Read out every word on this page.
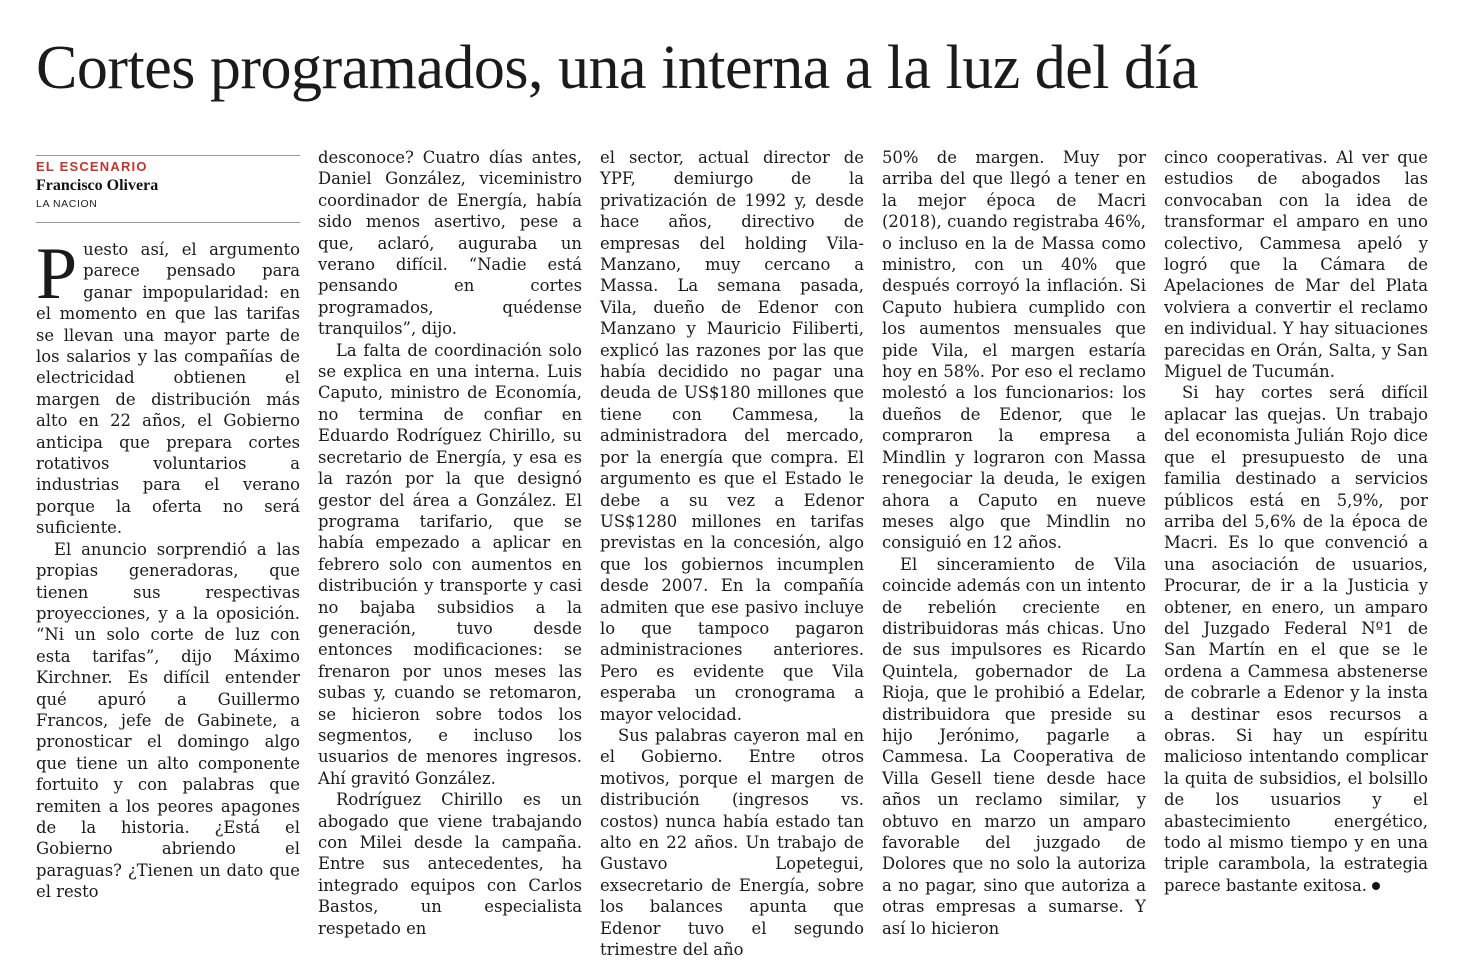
Cortes programados, una interna a la luz del día
EL ESCENARIO
Francisco Olivera
LA NACION

Puesto así, el argumento parece pensado para ganar impopularidad: en el momento en que las tarifas se llevan una mayor parte de los salarios y las compañías de electricidad obtienen el margen de distribución más alto en 22 años, el Gobierno anticipa que prepara cortes rotativos voluntarios a industrias para el verano porque la oferta no será suficiente.

El anuncio sorprendió a las propias generadoras, que tienen sus respectivas proyecciones, y a la oposición. “Ni un solo corte de luz con esta tarifas”, dijo Máximo Kirchner. Es difícil entender qué apuró a Guillermo Francos, jefe de Gabinete, a pronosticar el domingo algo que tiene un alto componente fortuito y con palabras que remiten a los peores apagones de la historia. ¿Está el Gobierno abriendo el paraguas? ¿Tienen un dato que el resto

desconoce? Cuatro días antes, Daniel González, viceministro coordinador de Energía, había sido menos asertivo, pese a que, aclaró, auguraba un verano difícil. “Nadie está pensando en cortes programados, quédense tranquilos”, dijo.

La falta de coordinación solo se explica en una interna. Luis Caputo, ministro de Economía, no termina de confiar en Eduardo Rodríguez Chirillo, su secretario de Energía, y esa es la razón por la que designó gestor del área a González. El programa tarifario, que se había empezado a aplicar en febrero solo con aumentos en distribución y transporte y casi no bajaba subsidios a la generación, tuvo desde entonces modificaciones: se frenaron por unos meses las subas y, cuando se retomaron, se hicieron sobre todos los segmentos, e incluso los usuarios de menores ingresos. Ahí gravitó González.

Rodríguez Chirillo es un abogado que viene trabajando con Milei desde la campaña. Entre sus antecedentes, ha integrado equipos con Carlos Bastos, un especialista respetado en

el sector, actual director de YPF, demiurgo de la privatización de 1992 y, desde hace años, directivo de empresas del holding Vila-Manzano, muy cercano a Massa. La semana pasada, Vila, dueño de Edenor con Manzano y Mauricio Filiberti, explicó las razones por las que había decidido no pagar una deuda de US$180 millones que tiene con Cammesa, la administradora del mercado, por la energía que compra. El argumento es que el Estado le debe a su vez a Edenor US$1280 millones en tarifas previstas en la concesión, algo que los gobiernos incumplen desde 2007. En la compañía admiten que ese pasivo incluye lo que tampoco pagaron administraciones anteriores. Pero es evidente que Vila esperaba un cronograma a mayor velocidad.

Sus palabras cayeron mal en el Gobierno. Entre otros motivos, porque el margen de distribución (ingresos vs. costos) nunca había estado tan alto en 22 años. Un trabajo de Gustavo Lopetegui, exsecretario de Energía, sobre los balances apunta que Edenor tuvo el segundo trimestre del año

50% de margen. Muy por arriba del que llegó a tener en la mejor época de Macri (2018), cuando registraba 46%, o incluso en la de Massa como ministro, con un 40% que después corroyó la inflación. Si Caputo hubiera cumplido con los aumentos mensuales que pide Vila, el margen estaría hoy en 58%. Por eso el reclamo molestó a los funcionarios: los dueños de Edenor, que le compraron la empresa a Mindlin y lograron con Massa renegociar la deuda, le exigen ahora a Caputo en nueve meses algo que Mindlin no consiguió en 12 años.

El sinceramiento de Vila coincide además con un intento de rebelión creciente en distribuidoras más chicas. Uno de sus impulsores es Ricardo Quintela, gobernador de La Rioja, que le prohibió a Edelar, distribuidora que preside su hijo Jerónimo, pagarle a Cammesa. La Cooperativa de Villa Gesell tiene desde hace años un reclamo similar, y obtuvo en marzo un amparo favorable del juzgado de Dolores que no solo la autoriza a no pagar, sino que autoriza a otras empresas a sumarse. Y así lo hicieron

cinco cooperativas. Al ver que estudios de abogados las convocaban con la idea de transformar el amparo en uno colectivo, Cammesa apeló y logró que la Cámara de Apelaciones de Mar del Plata volviera a convertir el reclamo en individual. Y hay situaciones parecidas en Orán, Salta, y San Miguel de Tucumán.

Si hay cortes será difícil aplacar las quejas. Un trabajo del economista Julián Rojo dice que el presupuesto de una familia destinado a servicios públicos está en 5,9%, por arriba del 5,6% de la época de Macri. Es lo que convenció a una asociación de usuarios, Procurar, de ir a la Justicia y obtener, en enero, un amparo del Juzgado Federal Nº1 de San Martín en el que se le ordena a Cammesa abstenerse de cobrarle a Edenor y la insta a destinar esos recursos a obras. Si hay un espíritu malicioso intentando complicar la quita de subsidios, el bolsillo de los usuarios y el abastecimiento energético, todo al mismo tiempo y en una triple carambola, la estrategia parece bastante exitosa.
